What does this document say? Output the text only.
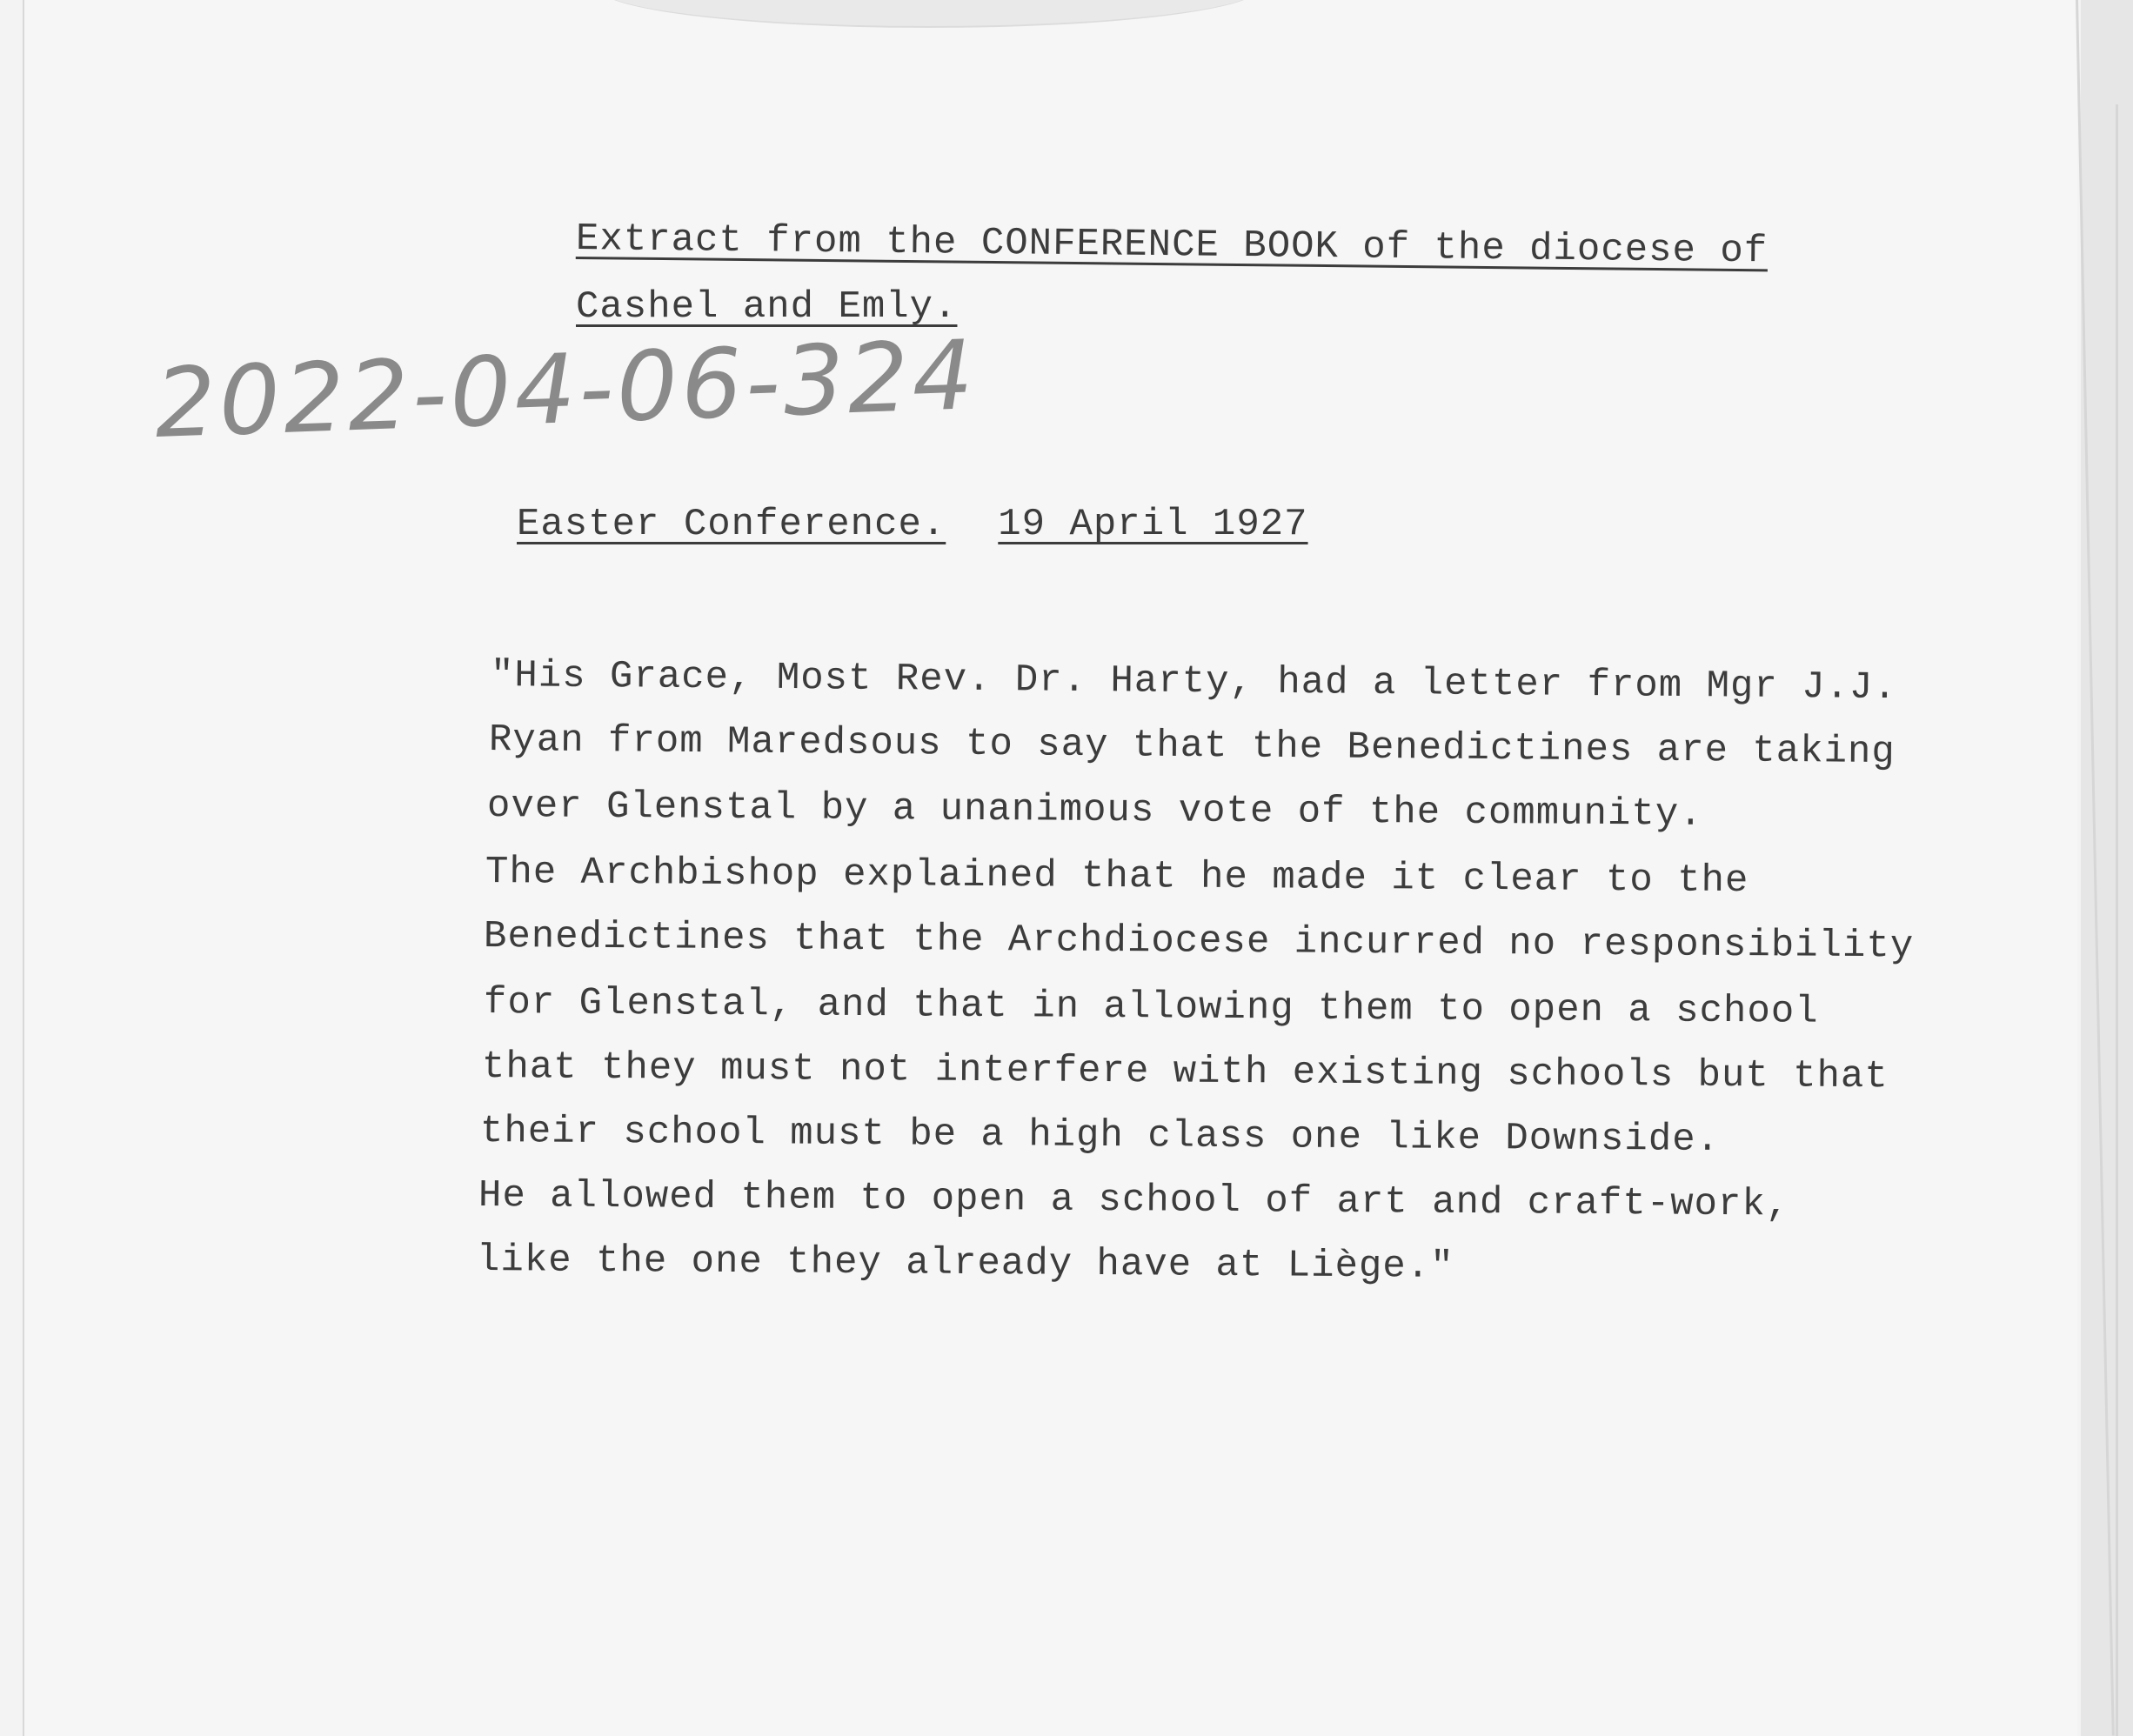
Extract from the CONFERENCE BOOK of the diocese of
Cashel and Emly.
2022-04-06-324
Easter Conference. 19 April 1927
"His Grace, Most Rev. Dr. Harty, had a letter from Mgr J.J.
Ryan from Maredsous to say that the Benedictines are taking
over Glenstal by a unanimous vote of the community.
The Archbishop explained that he made it clear to the
Benedictines that the Archdiocese incurred no responsibility
for Glenstal, and that in allowing them to open a school
that they must not interfere with existing schools but that
their school must be a high class one like Downside.
He allowed them to open a school of art and craft-work,
like the one they already have at Liège."
